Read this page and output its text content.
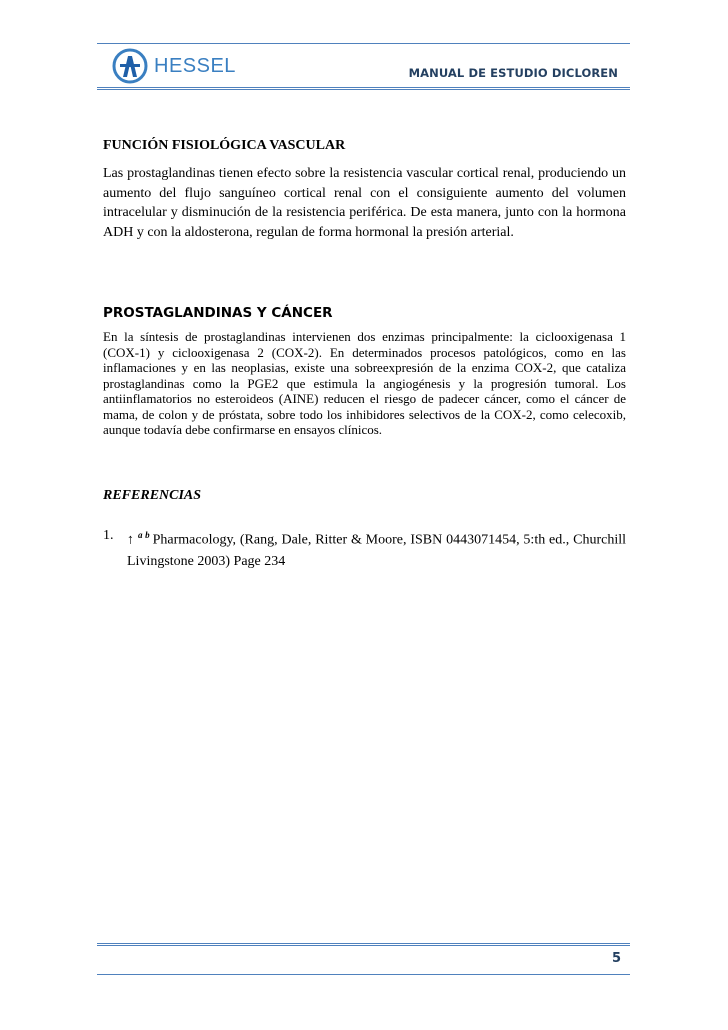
HESSEL	MANUAL DE ESTUDIO DICLOREN
FUNCIÓN FISIOLÓGICA VASCULAR

Las prostaglandinas tienen efecto sobre la resistencia vascular cortical renal, produciendo un aumento del flujo sanguíneo cortical renal con el consiguiente aumento del volumen intracelular y disminución de la resistencia periférica. De esta manera, junto con la hormona ADH y con la aldosterona, regulan de forma hormonal la presión arterial.

PROSTAGLANDINAS Y CÁNCER

En la síntesis de prostaglandinas intervienen dos enzimas principalmente: la ciclooxigenasa 1 (COX-1) y ciclooxigenasa 2 (COX-2). En determinados procesos patológicos, como en las inflamaciones y en las neoplasias, existe una sobreexpresión de la enzima COX-2, que cataliza prostaglandinas como la PGE2 que estimula la angiogénesis y la progresión tumoral. Los antiinflamatorios no esteroideos (AINE) reducen el riesgo de padecer cáncer, como el cáncer de mama, de colon y de próstata, sobre todo los inhibidores selectivos de la COX-2, como celecoxib, aunque todavía debe confirmarse en ensayos clínicos.

REFERENCIAS
1. ↑ $^{a b}$ Pharmacology, (Rang, Dale, Ritter & Moore, ISBN 0443071454, 5:th ed., Churchill Livingstone 2003) Page 234
5
